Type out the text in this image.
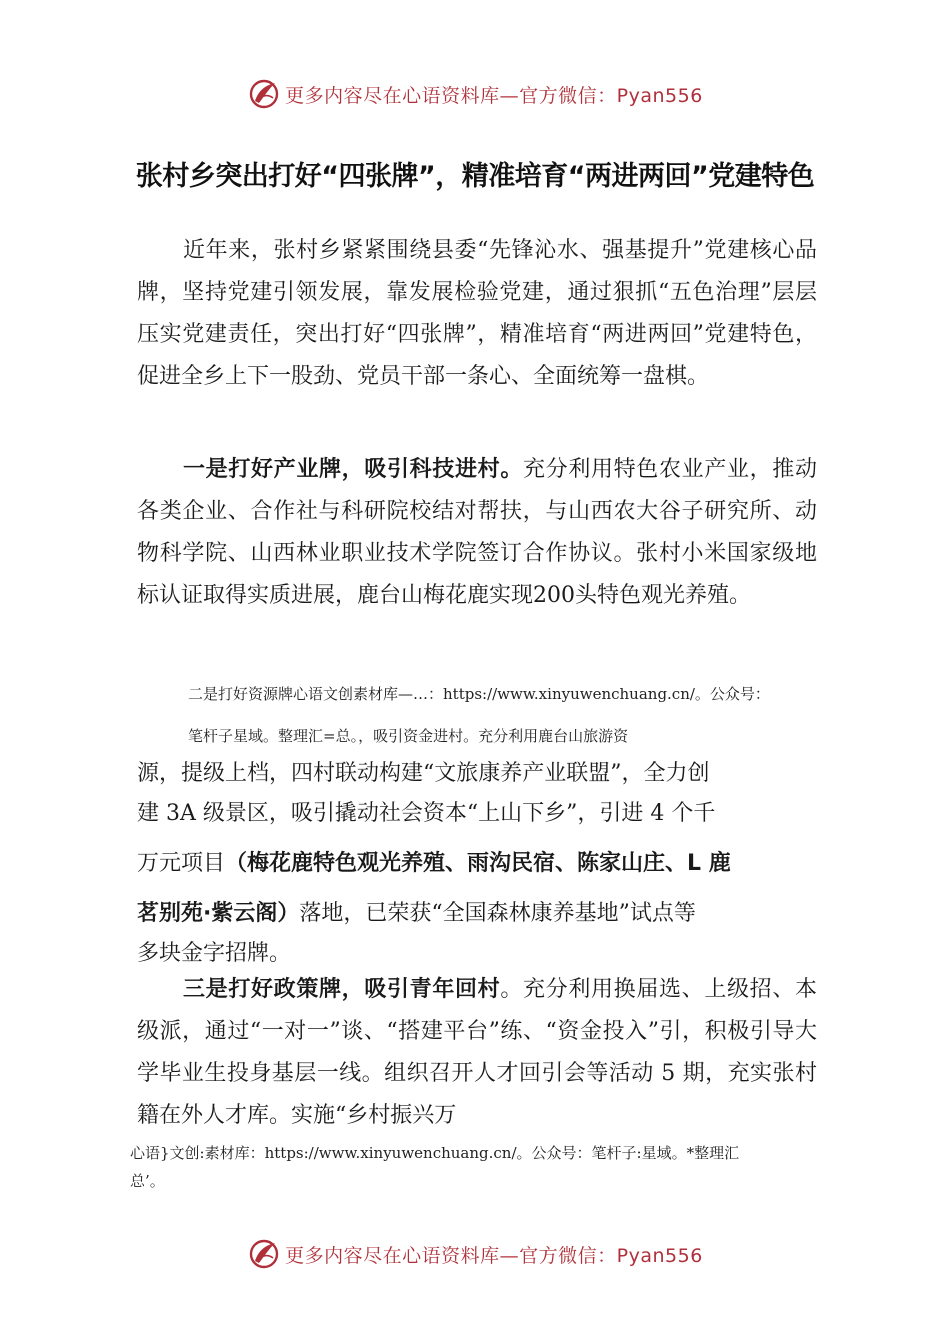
更多内容尽在心语资料库—官方微信：Pyan556
张村乡突出打好“四张牌”，精准培育“两进两回”党建特色

近年来，张村乡紧紧围绕县委“先锋沁水、强基提升”党建核心品牌，坚持党建引领发展，靠发展检验党建，通过狠抓“五色治理”层层压实党建责任，突出打好“四张牌”，精准培育“两进两回”党建特色，促进全乡上下一股劲、党员干部一条心、全面统筹一盘棋。

一是打好产业牌，吸引科技进村。充分利用特色农业产业，推动各类企业、合作社与科研院校结对帮扶，与山西农大谷子研究所、动物科学院、山西林业职业技术学院签订合作协议。张村小米国家级地标认证取得实质进展，鹿台山梅花鹿实现200头特色观光养殖。

二是打好资源牌心语文创素材库—…：https://www.xinyuwenchuang.cn/。公众号：
笔杆子星域。整理汇=总。，吸引资金进村。充分利用鹿台山旅游资
源，提级上档，四村联动构建“文旅康养产业联盟”，全力创
建 3A 级景区，吸引撬动社会资本“上山下乡”，引进 4 个千
万元项目（梅花鹿特色观光养殖、雨沟民宿、陈家山庄、L 鹿
茗别苑·紫云阁）落地，已荣获“全国森林康养基地”试点等
多块金字招牌。

三是打好政策牌，吸引青年回村。充分利用换届选、上级招、本级派，通过“一对一”谈、“搭建平台”练、“资金投入”引，积极引导大学毕业生投身基层一线。组织召开人才回引会等活动 5 期，充实张村籍在外人才库。实施“乡村振兴万

心语}文创:素材库：https://www.xinyuwenchuang.cn/。公众号：笔杆子:星域。*整理汇
总’。
更多内容尽在心语资料库—官方微信：Pyan556
